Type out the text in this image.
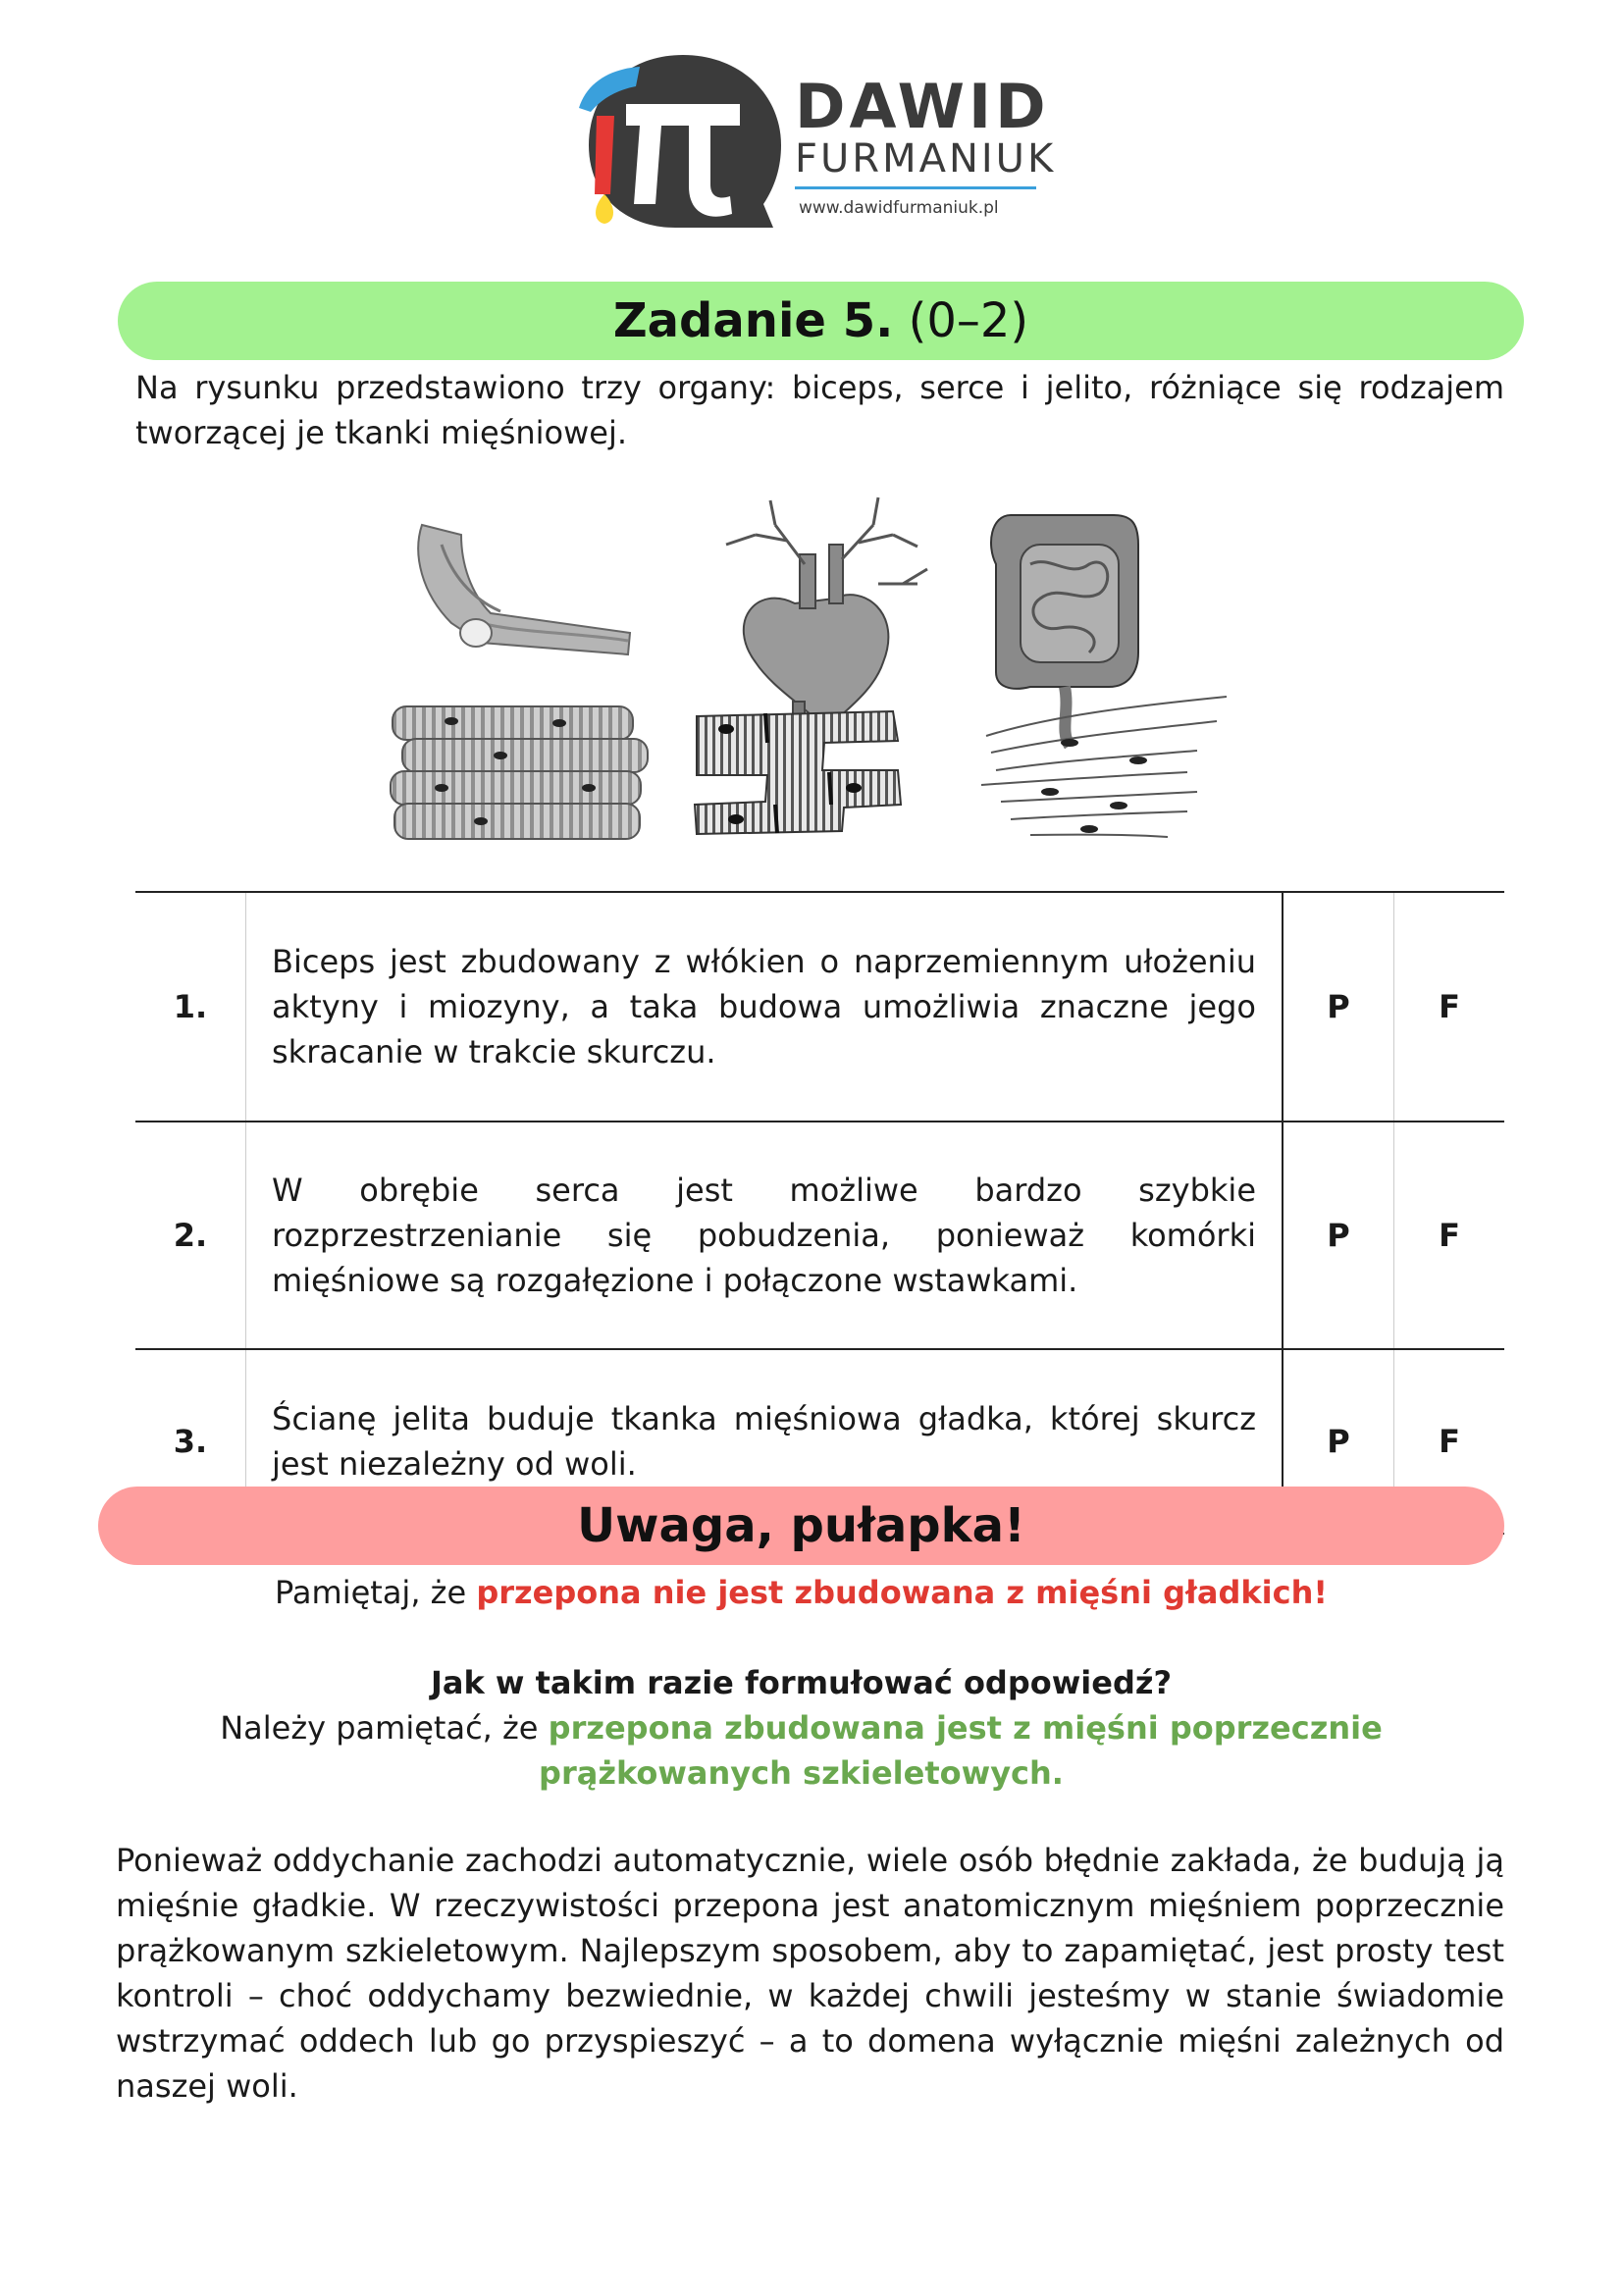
DAWID
FURMANIUK
www.dawidfurmaniuk.pl
Zadanie 5. (0–2)
Na rysunku przedstawiono trzy organy: biceps, serce i jelito, różniące się rodzajem tworzącej je tkanki mięśniowej.
1.	Biceps jest zbudowany z włókien o naprzemiennym ułożeniu aktyny i miozyny, a taka budowa umożliwia znaczne jego skracanie w trakcie skurczu.	P	F
2.	W obrębie serca jest możliwe bardzo szybkie rozprzestrzenianie się pobudzenia, ponieważ komórki mięśniowe są rozgałęzione i połączone wstawkami.	P	F
3.	Ścianę jelita buduje tkanka mięśniowa gładka, której skurcz jest niezależny od woli.	P	F
Uwaga, pułapka!
Pamiętaj, że przepona nie jest zbudowana z mięśni gładkich!
Jak w takim razie formułować odpowiedź?
Należy pamiętać, że przepona zbudowana jest z mięśni poprzecznie prążkowanych szkieletowych.
Ponieważ oddychanie zachodzi automatycznie, wiele osób błędnie zakłada, że budują ją mięśnie gładkie. W rzeczywistości przepona jest anatomicznym mięśniem poprzecznie prążkowanym szkieletowym. Najlepszym sposobem, aby to zapamiętać, jest prosty test kontroli – choć oddychamy bezwiednie, w każdej chwili jesteśmy w stanie świadomie wstrzymać oddech lub go przyspieszyć – a to domena wyłącznie mięśni zależnych od naszej woli.
